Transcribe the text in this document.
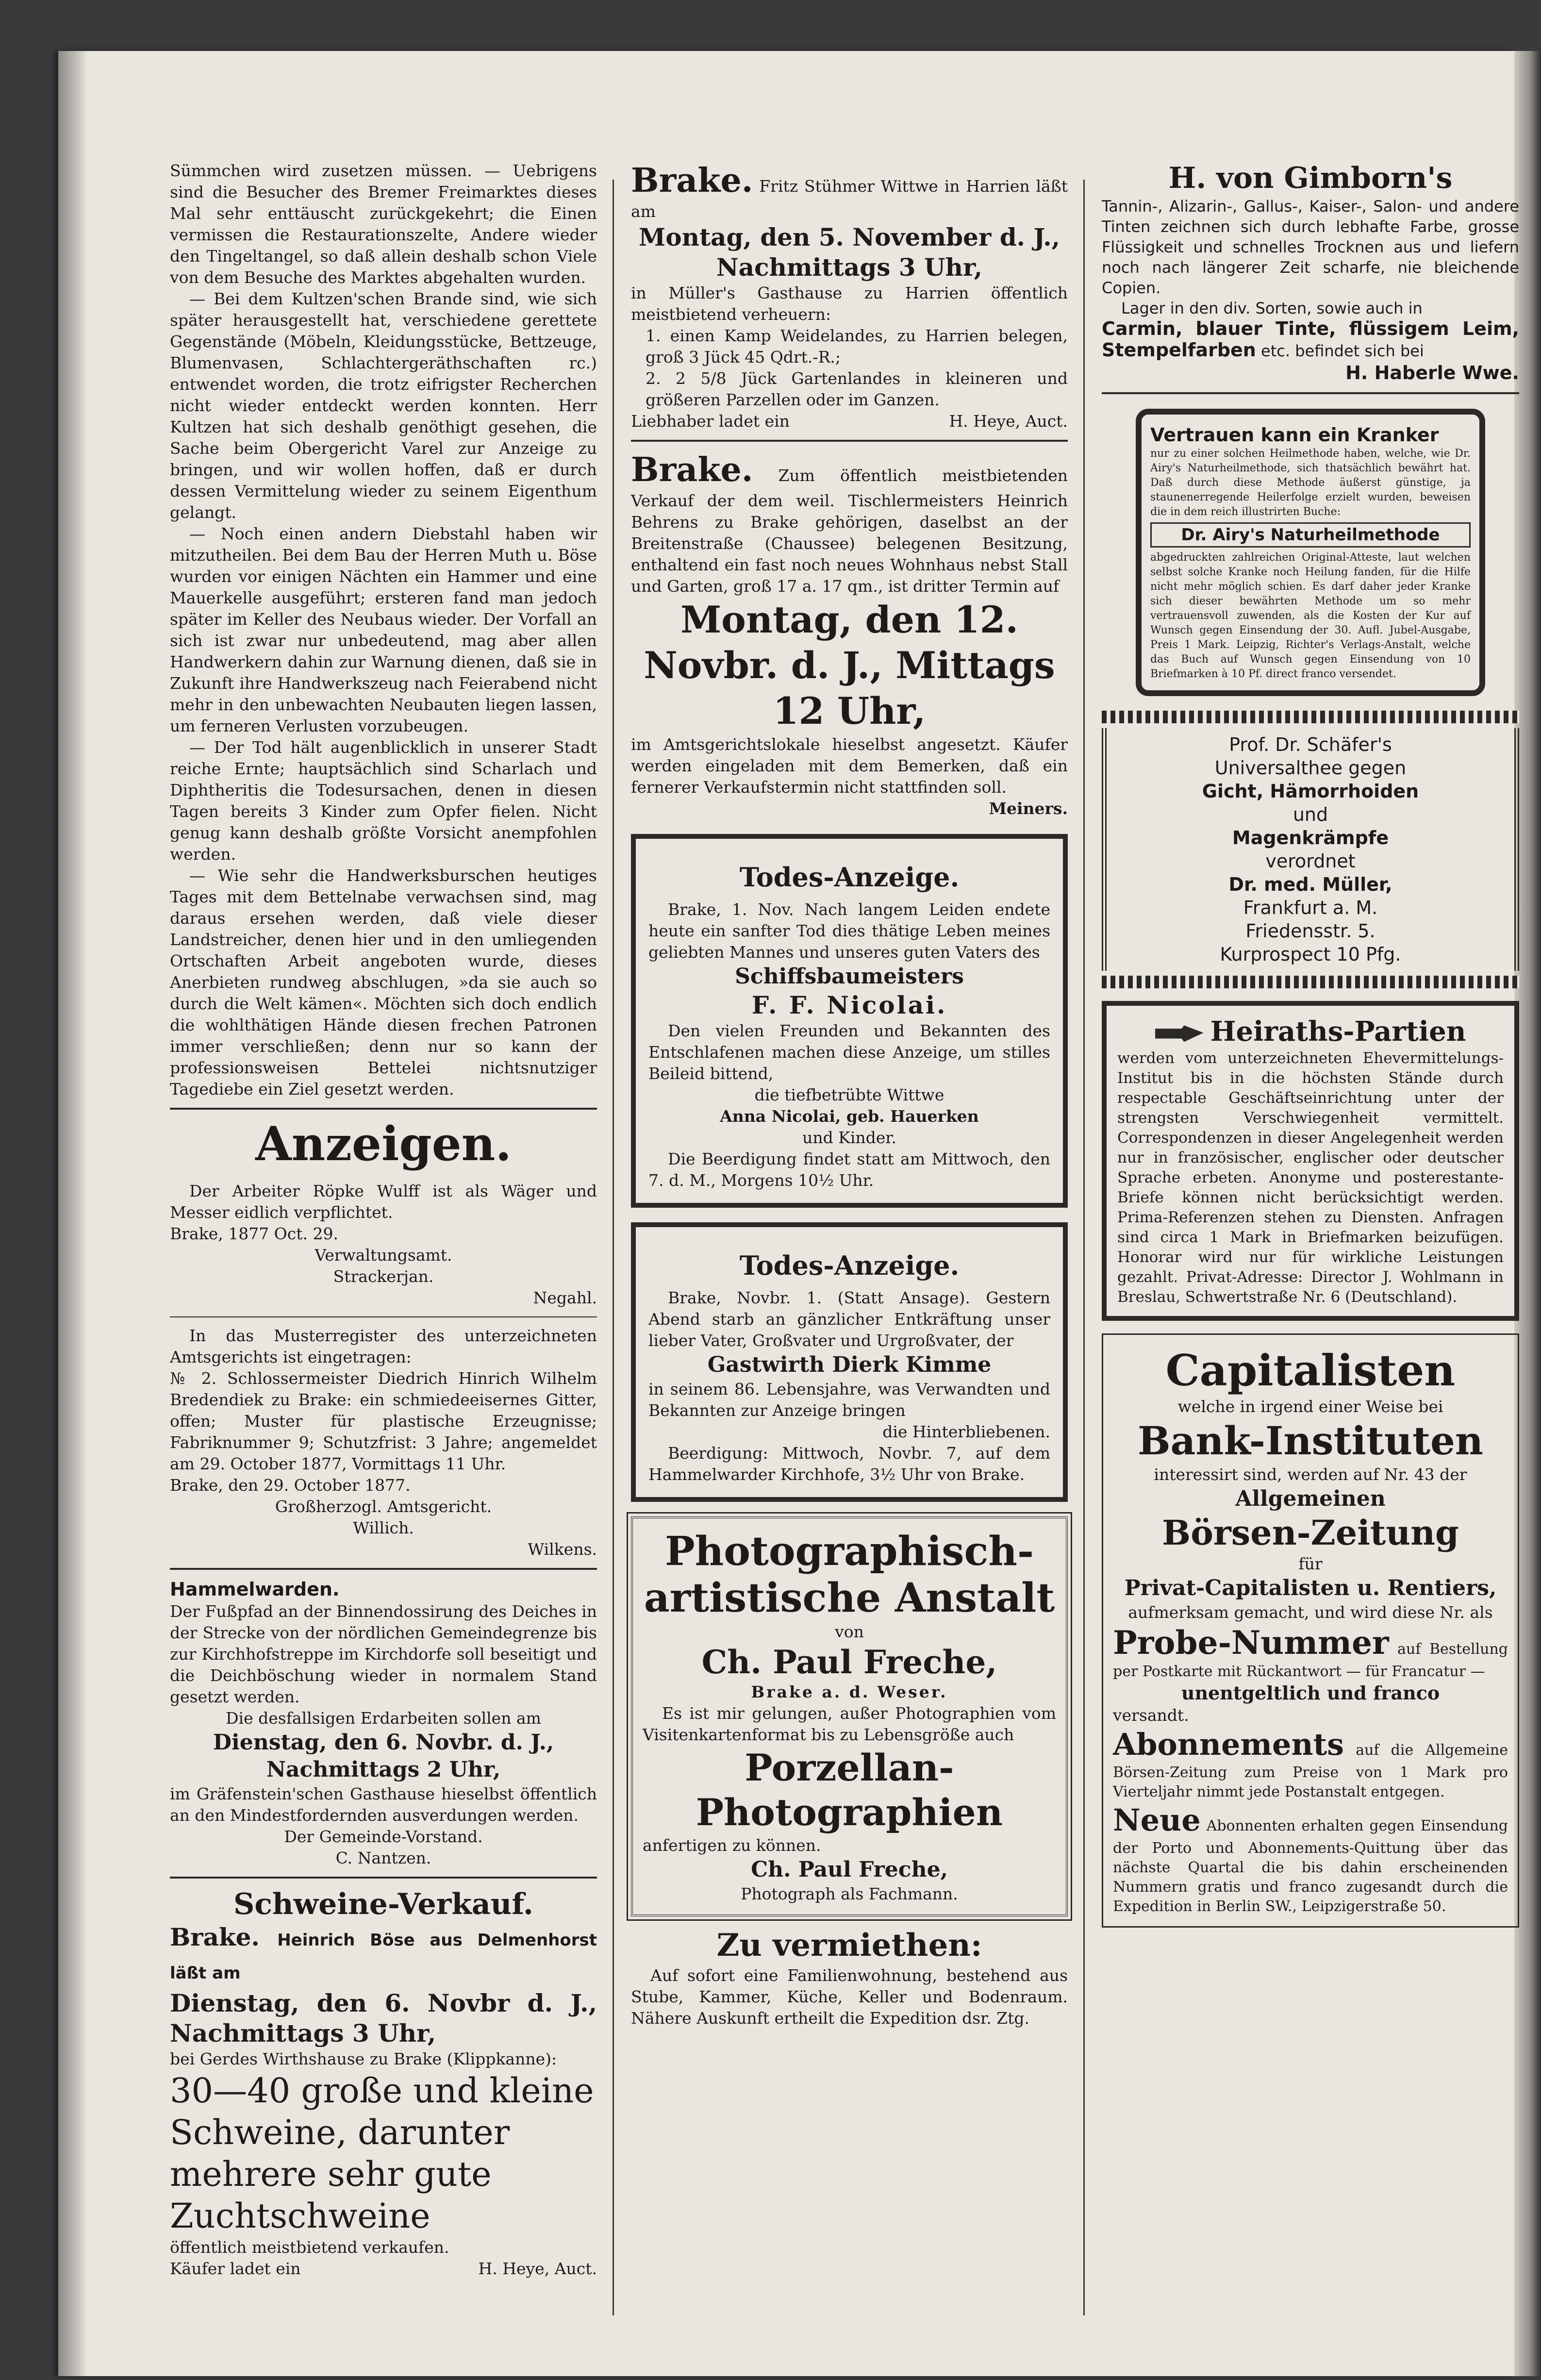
Sümmchen wird zusetzen müssen. — Uebrigens sind die Besucher des Bremer Freimarktes dieses Mal sehr enttäuscht zurückgekehrt; die Einen vermissen die Restaurationszelte, Andere wieder den Tingeltangel, so daß allein deshalb schon Viele von dem Besuche des Marktes abgehalten wurden.

— Bei dem Kultzen'schen Brande sind, wie sich später herausgestellt hat, verschiedene gerettete Gegenstände (Möbeln, Kleidungsstücke, Bettzeuge, Blumenvasen, Schlachtergeräthschaften rc.) entwendet worden, die trotz eifrigster Recherchen nicht wieder entdeckt werden konnten. Herr Kultzen hat sich deshalb genöthigt gesehen, die Sache beim Obergericht Varel zur Anzeige zu bringen, und wir wollen hoffen, daß er durch dessen Vermittelung wieder zu seinem Eigenthum gelangt.

— Noch einen andern Diebstahl haben wir mitzutheilen. Bei dem Bau der Herren Muth u. Böse wurden vor einigen Nächten ein Hammer und eine Mauerkelle ausgeführt; ersteren fand man jedoch später im Keller des Neubaus wieder. Der Vorfall an sich ist zwar nur unbedeutend, mag aber allen Handwerkern dahin zur Warnung dienen, daß sie in Zukunft ihre Handwerkszeug nach Feierabend nicht mehr in den unbewachten Neubauten liegen lassen, um ferneren Verlusten vorzubeugen.

— Der Tod hält augenblicklich in unserer Stadt reiche Ernte; hauptsächlich sind Scharlach und Diphtheritis die Todesursachen, denen in diesen Tagen bereits 3 Kinder zum Opfer fielen. Nicht genug kann deshalb größte Vorsicht anempfohlen werden.

— Wie sehr die Handwerksburschen heutiges Tages mit dem Bettelnabe verwachsen sind, mag daraus ersehen werden, daß viele dieser Landstreicher, denen hier und in den umliegenden Ortschaften Arbeit angeboten wurde, dieses Anerbieten rundweg abschlugen, »da sie auch so durch die Welt kämen«. Möchten sich doch endlich die wohlthätigen Hände diesen frechen Patronen immer verschließen; denn nur so kann der professionsweisen Bettelei nichtsnutziger Tagediebe ein Ziel gesetzt werden.

Anzeigen.

Der Arbeiter Röpke Wulff ist als Wäger und Messer eidlich verpflichtet.

Brake, 1877 Oct. 29.

Verwaltungsamt.

Strackerjan.

Negahl.

In das Musterregister des unterzeichneten Amtsgerichts ist eingetragen:

№ 2. Schlossermeister Diedrich Hinrich Wilhelm Bredendiek zu Brake: ein schmiedeeisernes Gitter, offen; Muster für plastische Erzeugnisse; Fabriknummer 9; Schutzfrist: 3 Jahre; angemeldet am 29. October 1877, Vormittags 11 Uhr.

Brake, den 29. October 1877.

Großherzogl. Amtsgericht.

Willich.

Wilkens.

Hammelwarden.

Der Fußpfad an der Binnendossirung des Deiches in der Strecke von der nördlichen Gemeindegrenze bis zur Kirchhofstreppe im Kirchdorfe soll beseitigt und die Deichböschung wieder in normalem Stand gesetzt werden.

Die desfallsigen Erdarbeiten sollen am

Dienstag, den 6. Novbr. d. J., Nachmittags 2 Uhr,

im Gräfenstein'schen Gasthause hieselbst öffentlich an den Mindestfordernden ausverdungen werden.

Der Gemeinde-Vorstand.

C. Nantzen.

Schweine-Verkauf.

Brake. Heinrich Böse aus Delmenhorst läßt am

Dienstag, den 6. Novbr d. J., Nachmittags 3 Uhr,

bei Gerdes Wirthshause zu Brake (Klippkanne):

30—40 große und kleine Schweine, darunter mehrere sehr gute Zuchtschweine

öffentlich meistbietend verkaufen.

Käufer ladet ein	H. Heye, Auct.

Brake. Fritz Stühmer Wittwe in Harrien läßt am

Montag, den 5. November d. J., Nachmittags 3 Uhr,

in Müller's Gasthause zu Harrien öffentlich meistbietend verheuern:

1. einen Kamp Weidelandes, zu Harrien belegen, groß 3 Jück 45 Qdrt.-R.;

2. 2 5/8 Jück Gartenlandes in kleineren und größeren Parzellen oder im Ganzen.

Liebhaber ladet ein	H. Heye, Auct.

Brake. Zum öffentlich meistbietenden Verkauf der dem weil. Tischlermeisters Heinrich Behrens zu Brake gehörigen, daselbst an der Breitenstraße (Chaussee) belegenen Besitzung, enthaltend ein fast noch neues Wohnhaus nebst Stall und Garten, groß 17 a. 17 qm., ist dritter Termin auf

Montag, den 12. Novbr. d. J., Mittags 12 Uhr,

im Amtsgerichtslokale hieselbst angesetzt. Käufer werden eingeladen mit dem Bemerken, daß ein fernerer Verkaufstermin nicht stattfinden soll.

Meiners.

Todes-Anzeige.

Brake, 1. Nov. Nach langem Leiden endete heute ein sanfter Tod dies thätige Leben meines geliebten Mannes und unseres guten Vaters des

Schiffsbaumeisters

F. F. Nicolai.

Den vielen Freunden und Bekannten des Entschlafenen machen diese Anzeige, um stilles Beileid bittend,

die tiefbetrübte Wittwe

Anna Nicolai, geb. Hauerken

und Kinder.

Die Beerdigung findet statt am Mittwoch, den 7. d. M., Morgens 10½ Uhr.

Todes-Anzeige.

Brake, Novbr. 1. (Statt Ansage). Gestern Abend starb an gänzlicher Entkräftung unser lieber Vater, Großvater und Urgroßvater, der

Gastwirth Dierk Kimme

in seinem 86. Lebensjahre, was Verwandten und Bekannten zur Anzeige bringen

die Hinterbliebenen.

Beerdigung: Mittwoch, Novbr. 7, auf dem Hammelwarder Kirchhofe, 3½ Uhr von Brake.

Photographisch-artistische Anstalt

von

Ch. Paul Freche,

Brake a. d. Weser.

Es ist mir gelungen, außer Photographien vom Visitenkartenformat bis zu Lebensgröße auch

Porzellan-Photographien

anfertigen zu können.

Ch. Paul Freche,

Photograph als Fachmann.

Zu vermiethen:

Auf sofort eine Familienwohnung, bestehend aus Stube, Kammer, Küche, Keller und Bodenraum. Nähere Auskunft ertheilt die Expedition dsr. Ztg.

H. von Gimborn's

Tannin-, Alizarin-, Gallus-, Kaiser-, Salon- und andere Tinten zeichnen sich durch lebhafte Farbe, grosse Flüssigkeit und schnelles Trocknen aus und liefern noch nach längerer Zeit scharfe, nie bleichende Copien.

Lager in den div. Sorten, sowie auch in

Carmin, blauer Tinte, flüssigem Leim, Stempelfarben etc. befindet sich bei

H. Haberle Wwe.

Vertrauen kann ein Kranker

nur zu einer solchen Heilmethode haben, welche, wie Dr. Airy's Naturheilmethode, sich thatsächlich bewährt hat. Daß durch diese Methode äußerst günstige, ja staunenerregende Heilerfolge erzielt wurden, beweisen die in dem reich illustrirten Buche:

Dr. Airy's Naturheilmethode

abgedruckten zahlreichen Original-Atteste, laut welchen selbst solche Kranke noch Heilung fanden, für die Hilfe nicht mehr möglich schien. Es darf daher jeder Kranke sich dieser bewährten Methode um so mehr vertrauensvoll zuwenden, als die Kosten der Kur auf Wunsch gegen Einsendung der 30. Aufl. Jubel-Ausgabe, Preis 1 Mark. Leipzig, Richter's Verlags-Anstalt, welche das Buch auf Wunsch gegen Einsendung von 10 Briefmarken à 10 Pf. direct franco versendet.

Prof. Dr. Schäfer's

Universalthee gegen

Gicht, Hämorrhoiden

und

Magenkrämpfe

verordnet

Dr. med. Müller,

Frankfurt a. M.

Friedensstr. 5.

Kurprospect 10 Pfg.

Heiraths-Partien

werden vom unterzeichneten Ehevermittelungs-Institut bis in die höchsten Stände durch respectable Geschäftseinrichtung unter der strengsten Verschwiegenheit vermittelt. Correspondenzen in dieser Angelegenheit werden nur in französischer, englischer oder deutscher Sprache erbeten. Anonyme und posterestante-Briefe können nicht berücksichtigt werden. Prima-Referenzen stehen zu Diensten. Anfragen sind circa 1 Mark in Briefmarken beizufügen. Honorar wird nur für wirkliche Leistungen gezahlt. Privat-Adresse: Director J. Wohlmann in Breslau, Schwertstraße Nr. 6 (Deutschland).

Capitalisten

welche in irgend einer Weise bei

Bank-Instituten

interessirt sind, werden auf Nr. 43 der

Allgemeinen

Börsen-Zeitung

für

Privat-Capitalisten u. Rentiers,

aufmerksam gemacht, und wird diese Nr. als

Probe-Nummer auf Bestellung per Postkarte mit Rückantwort — für Francatur —

unentgeltlich und franco

versandt.

Abonnements auf die Allgemeine Börsen-Zeitung zum Preise von 1 Mark pro Vierteljahr nimmt jede Postanstalt entgegen.

Neue Abonnenten erhalten gegen Einsendung der Porto und Abonnements-Quittung über das nächste Quartal die bis dahin erscheinenden Nummern gratis und franco zugesandt durch die Expedition in Berlin SW., Leipzigerstraße 50.
